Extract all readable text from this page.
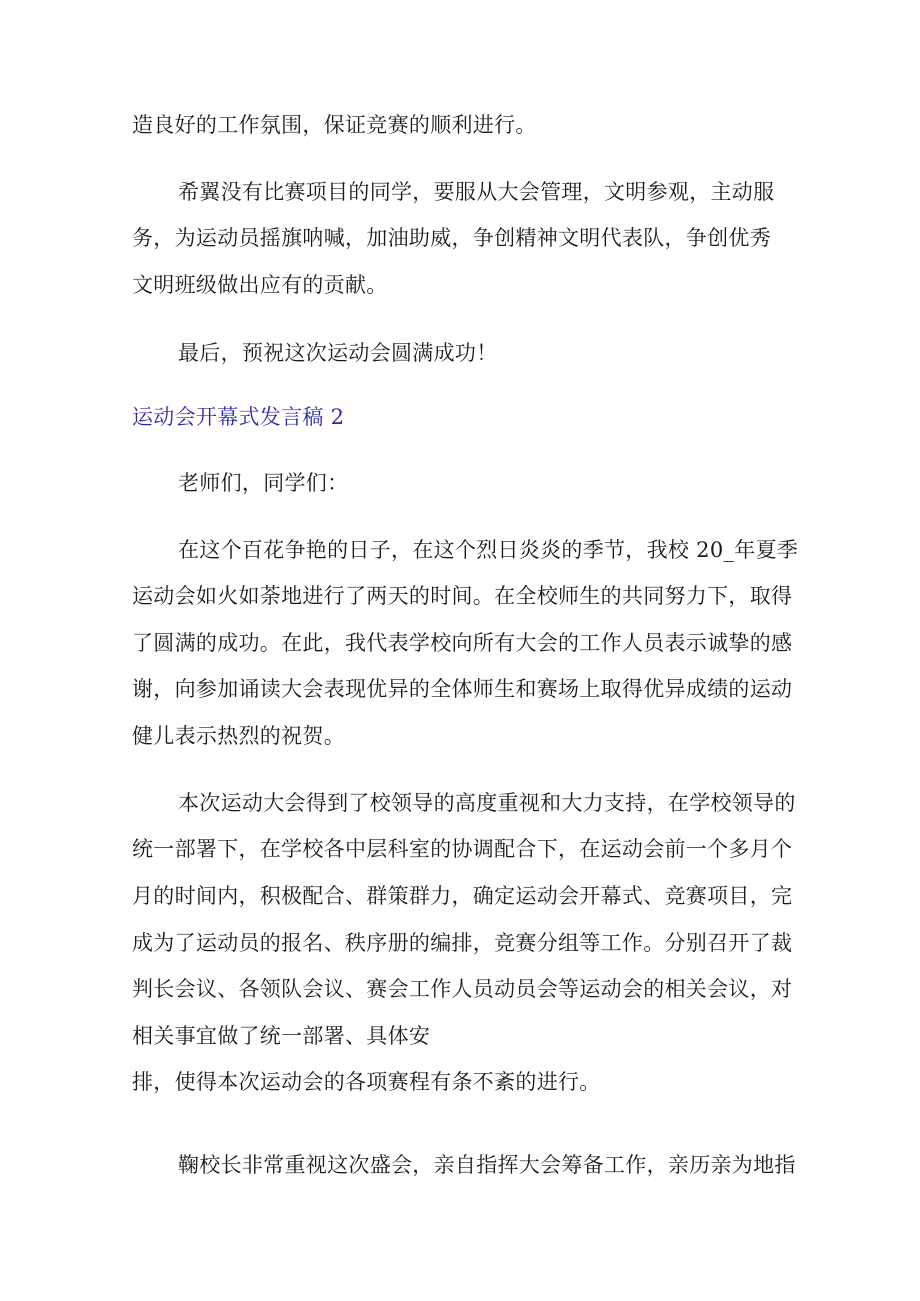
造良好的工作氛围，保证竞赛的顺利进行。
希翼没有比赛项目的同学，要服从大会管理，文明参观，主动服
务，为运动员摇旗呐喊，加油助威，争创精神文明代表队，争创优秀
文明班级做出应有的贡献。
最后，预祝这次运动会圆满成功！
运动会开幕式发言稿 2
老师们，同学们：
在这个百花争艳的日子，在这个烈日炎炎的季节，我校 20_年夏季
运动会如火如荼地进行了两天的时间。在全校师生的共同努力下，取得
了圆满的成功。在此，我代表学校向所有大会的工作人员表示诚挚的感
谢，向参加诵读大会表现优异的全体师生和赛场上取得优异成绩的运动
健儿表示热烈的祝贺。
本次运动大会得到了校领导的高度重视和大力支持，在学校领导的
统一部署下，在学校各中层科室的协调配合下，在运动会前一个多月个
月的时间内，积极配合、群策群力，确定运动会开幕式、竞赛项目，完
成为了运动员的报名、秩序册的编排，竞赛分组等工作。分别召开了裁
判长会议、各领队会议、赛会工作人员动员会等运动会的相关会议，对
相关事宜做了统一部署、具体安
排，使得本次运动会的各项赛程有条不紊的进行。
鞠校长非常重视这次盛会，亲自指挥大会筹备工作，亲历亲为地指
